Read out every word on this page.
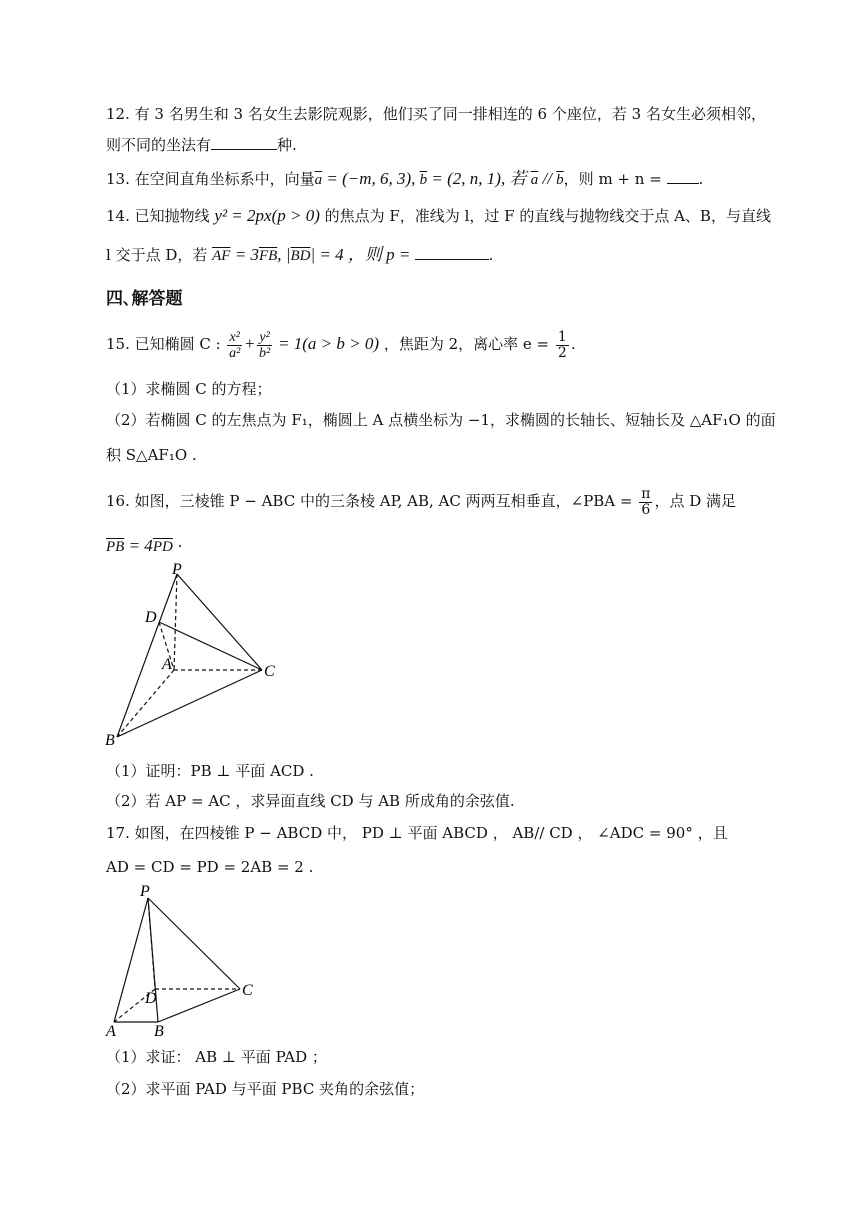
12. 有 3 名男生和 3 名女生去影院观影，他们买了同一排相连的 6 个座位，若 3 名女生必须相邻，
则不同的坐法有	种.
13. 在空间直角坐标系中，向量$\overline{a} = (-m$, 6, 3), $\overline{b} = (2$, n, 1), 若 $\overline{a} // \overline{b}$，则 m + n = .
14. 已知抛物线 y² = 2px(p > 0) 的焦点为 F，准线为 l，过 F 的直线与抛物线交于点 A、B，与直线
l 交于点 D，若 $\overline{AF} = 3\overline{FB}$, $|\overline{BD}| = 4$ ，则 p =	.
四､解答题
15. 已知椭圆 C : $\frac{\text{x²}}{\text{a²}} + \frac{\text{y²}}{\text{b²}} = 1(a > b > 0)$ ，焦距为 2，离心率 $e = \frac{1}{2}$ .
（1）求椭圆 C 的方程；
（2）若椭圆 C 的左焦点为 F₁，椭圆上 A 点横坐标为 −1，求椭圆的长轴长、短轴长及 △AF₁O 的面
积 S△AF₁O .
16. 如图，三棱锥 P − ABC 中的三条棱 AP, AB, AC 两两互相垂直，∠PBA = $\frac{\pi}{6}$ ，点 D 满足
$\overline{PB} = 4\overline{PD}$ ·
P
D
A	C
B
（1）证明：PB ⊥ 平面 ACD .
（2）若 AP = AC ，求异面直线 CD 与 AB 所成角的余弦值.
17. 如图，在四棱锥 P − ABCD 中， PD ⊥ 平面 ABCD ， AB// CD ， ∠ADC = 90° ，且
AD = CD = PD = 2AB = 2 .
P
D	C
A B
（1）求证： AB ⊥ 平面 PAD ；
（2）求平面 PAD 与平面 PBC 夹角的余弦值；
